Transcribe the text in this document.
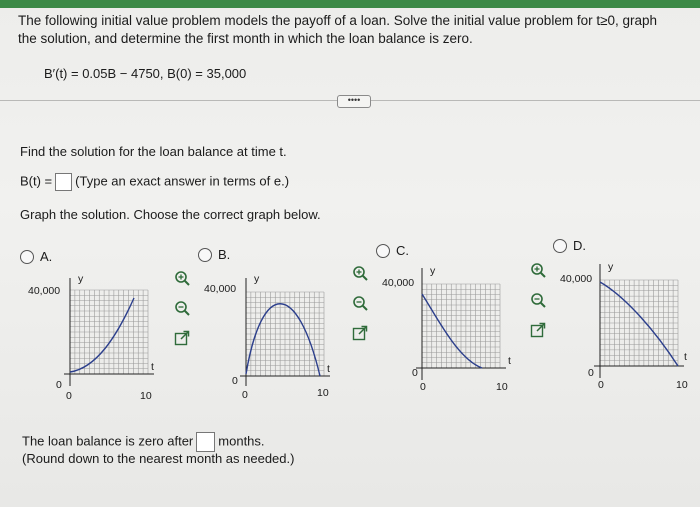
The following initial value problem models the payoff of a loan. Solve the initial value problem for t≥0, graph
the solution, and determine the first month in which the loan balance is zero.
B′(t) = 0.05B − 4750, B(0) = 35,000
••••
Find the solution for the loan balance at time t.
B(t) = (Type an exact answer in terms of e.)
Graph the solution. Choose the correct graph below.
A.	B.	C.	D.
y
t
40,000
0
0	10
y
t
40,000
0
0	10
y
t
40,000
0
0	10
y
t
40,000
0
0	10
The loan balance is zero after months.
(Round down to the nearest month as needed.)
